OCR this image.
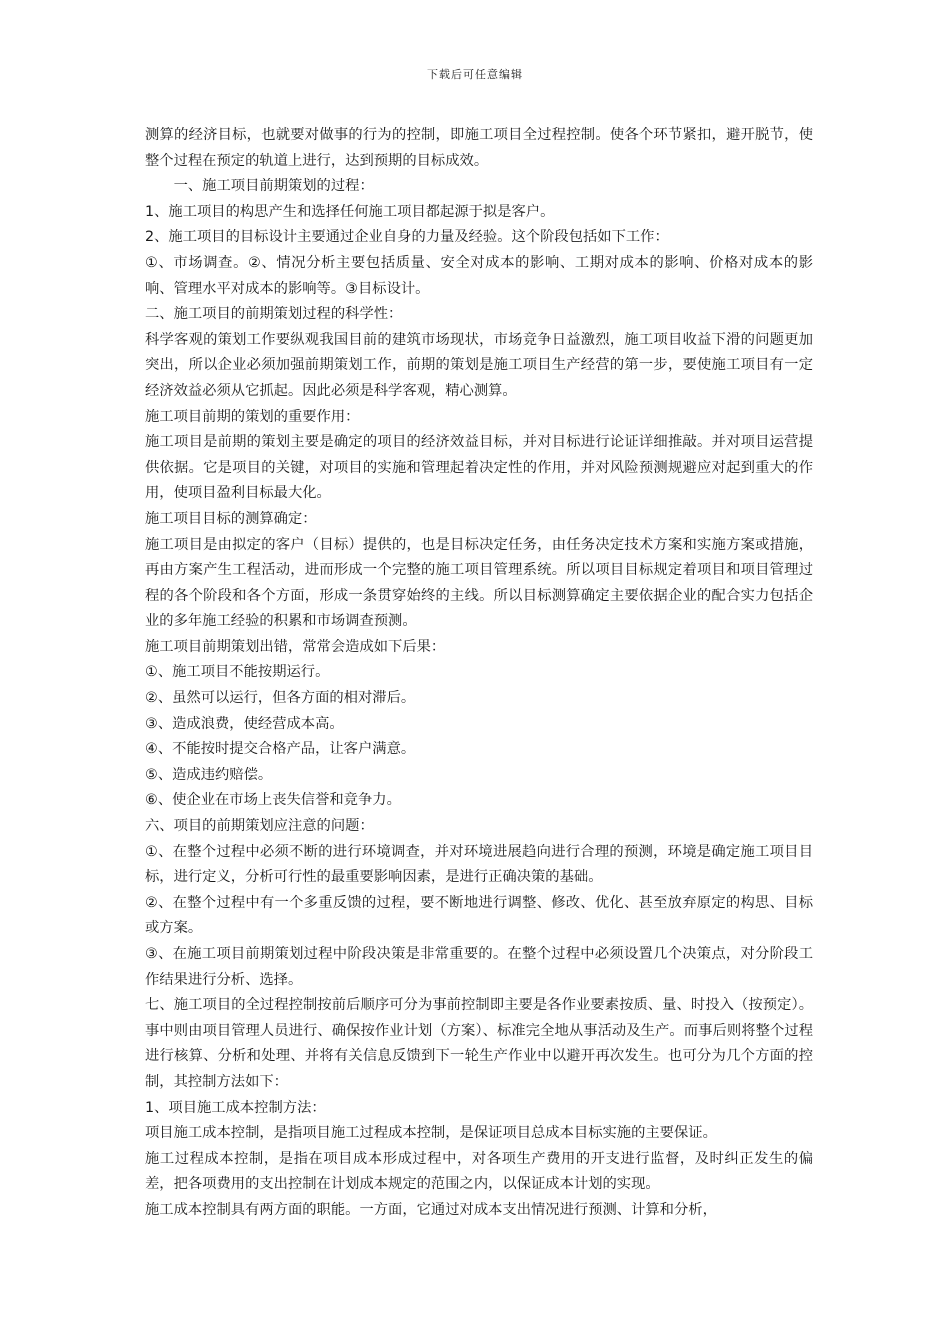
下载后可任意编辑

测算的经济目标，也就要对做事的行为的控制，即施工项目全过程控制。使各个环节紧扣，避开脱节，使整个过程在预定的轨道上进行，达到预期的目标成效。

一、施工项目前期策划的过程：

1、施工项目的构思产生和选择任何施工项目都起源于拟是客户。

2、施工项目的目标设计主要通过企业自身的力量及经验。这个阶段包括如下工作：

①、市场调查。②、情况分析主要包括质量、安全对成本的影响、工期对成本的影响、价格对成本的影响、管理水平对成本的影响等。③目标设计。

二、施工项目的前期策划过程的科学性：

科学客观的策划工作要纵观我国目前的建筑市场现状，市场竞争日益激烈，施工项目收益下滑的问题更加突出，所以企业必须加强前期策划工作，前期的策划是施工项目生产经营的第一步，要使施工项目有一定经济效益必须从它抓起。因此必须是科学客观，精心测算。

施工项目前期的策划的重要作用：

施工项目是前期的策划主要是确定的项目的经济效益目标，并对目标进行论证详细推敲。并对项目运营提供依据。它是项目的关键，对项目的实施和管理起着决定性的作用，并对风险预测规避应对起到重大的作用，使项目盈利目标最大化。

施工项目目标的测算确定：

施工项目是由拟定的客户（目标）提供的，也是目标决定任务，由任务决定技术方案和实施方案或措施，再由方案产生工程活动，进而形成一个完整的施工项目管理系统。所以项目目标规定着项目和项目管理过程的各个阶段和各个方面，形成一条贯穿始终的主线。所以目标测算确定主要依据企业的配合实力包括企业的多年施工经验的积累和市场调查预测。

施工项目前期策划出错，常常会造成如下后果：

①、施工项目不能按期运行。

②、虽然可以运行，但各方面的相对滞后。

③、造成浪费，使经营成本高。

④、不能按时提交合格产品，让客户满意。

⑤、造成违约赔偿。

⑥、使企业在市场上丧失信誉和竞争力。

六、项目的前期策划应注意的问题：

①、在整个过程中必须不断的进行环境调查，并对环境进展趋向进行合理的预测，环境是确定施工项目目标，进行定义，分析可行性的最重要影响因素，是进行正确决策的基础。

②、在整个过程中有一个多重反馈的过程，要不断地进行调整、修改、优化、甚至放弃原定的构思、目标或方案。

③、在施工项目前期策划过程中阶段决策是非常重要的。在整个过程中必须设置几个决策点，对分阶段工作结果进行分析、选择。

七、施工项目的全过程控制按前后顺序可分为事前控制即主要是各作业要素按质、量、时投入（按预定）。事中则由项目管理人员进行、确保按作业计划（方案）、标准完全地从事活动及生产。而事后则将整个过程进行核算、分析和处理、并将有关信息反馈到下一轮生产作业中以避开再次发生。也可分为几个方面的控制，其控制方法如下：

1、项目施工成本控制方法：

项目施工成本控制，是指项目施工过程成本控制，是保证项目总成本目标实施的主要保证。

施工过程成本控制，是指在项目成本形成过程中，对各项生产费用的开支进行监督，及时纠正发生的偏差，把各项费用的支出控制在计划成本规定的范围之内，以保证成本计划的实现。

施工成本控制具有两方面的职能。一方面，它通过对成本支出情况进行预测、计算和分析，
